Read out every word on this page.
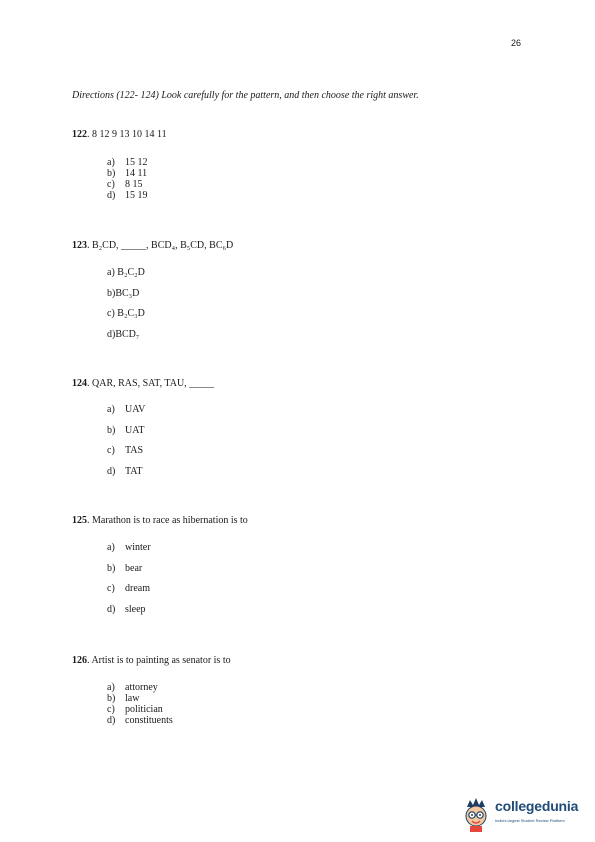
26
Directions (122- 124) Look carefully for the pattern, and then choose the right answer.
122. 8 12 9 13 10 14 11
a) 15 12
b) 14 11
c) 8 15
d) 15 19
123. B₂CD, _____, BCD₄, B₅CD, BC₆D
a) B₂C₂D
b)BC₃D
c) B₂C₃D
d)BCD₇
124. QAR, RAS, SAT, TAU, _____
a) UAV
b) UAT
c) TAS
d) TAT
125. Marathon is to race as hibernation is to
a) winter
b) bear
c) dream
d) sleep
126. Artist is to painting as senator is to
a) attorney
b) law
c) politician
d) constituents
collegedunia
India's largest Student Review Platform
